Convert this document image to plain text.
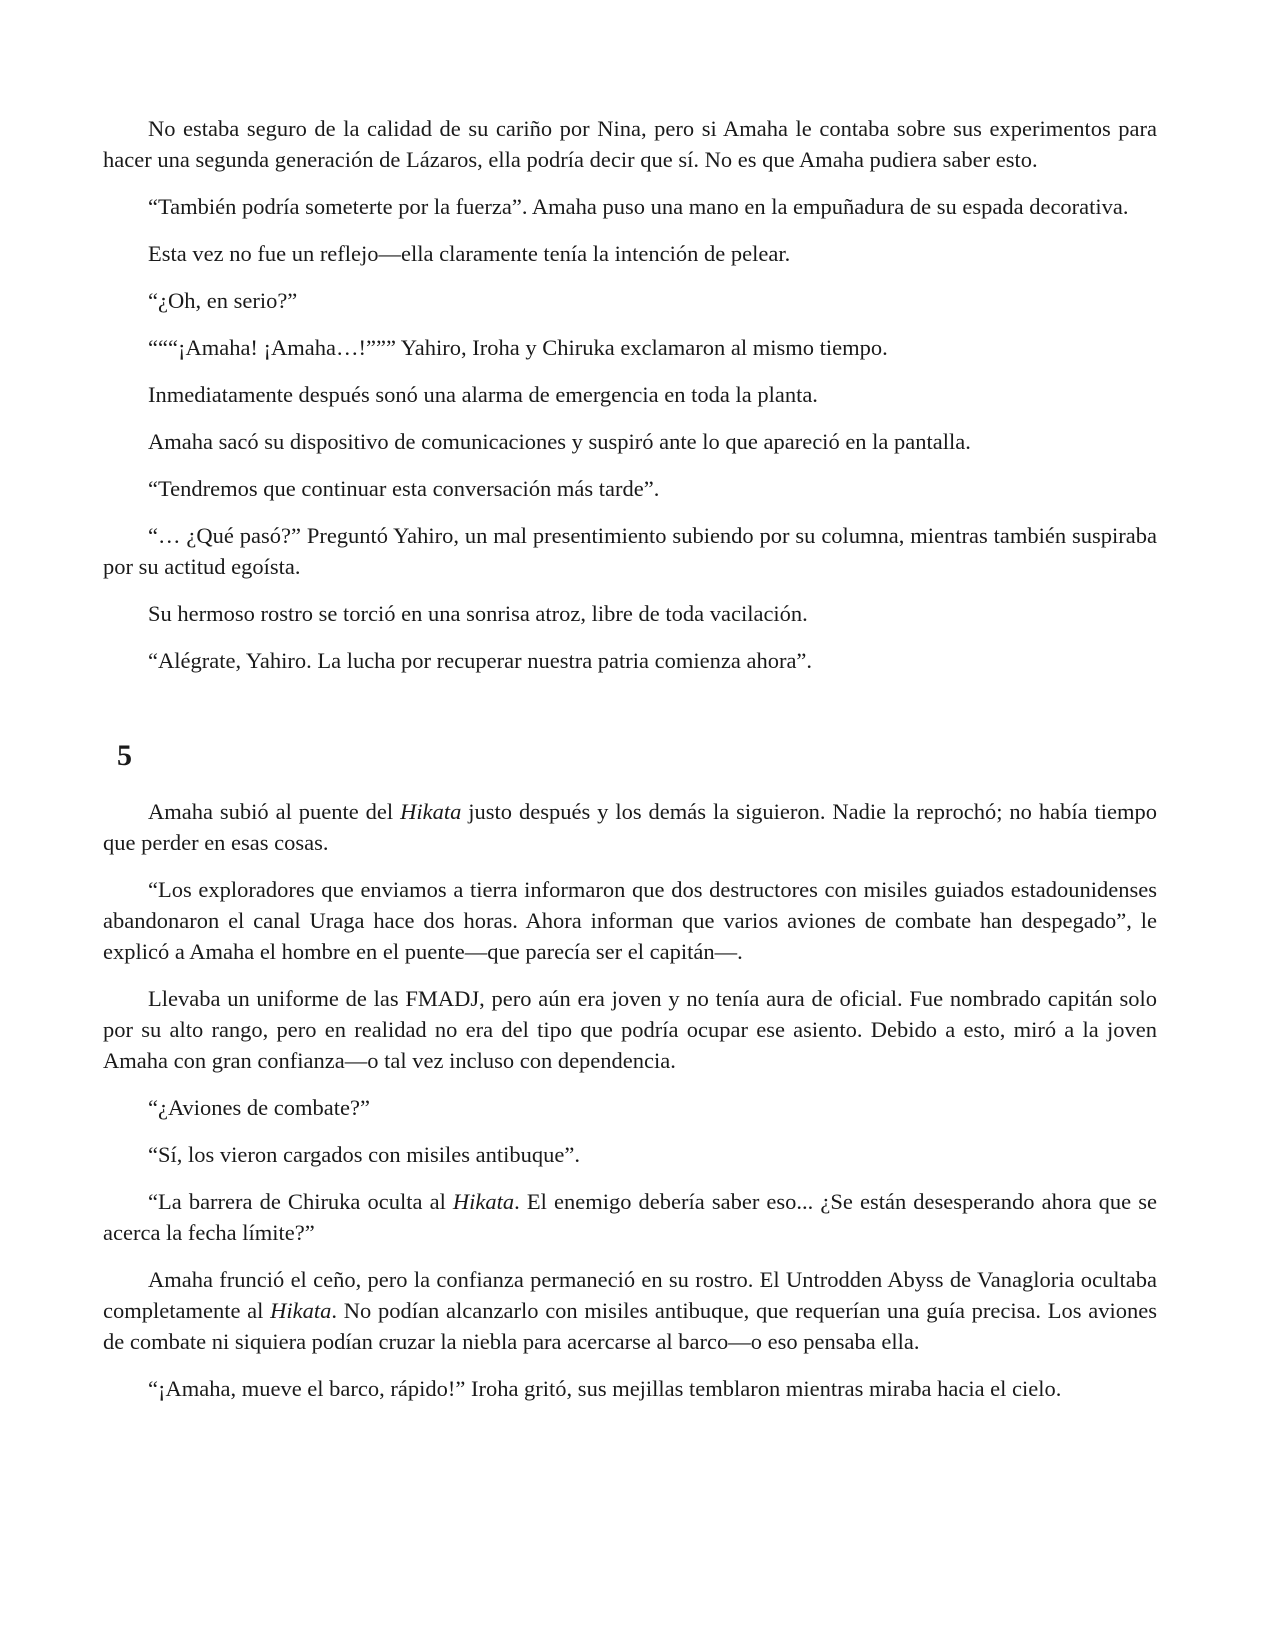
No estaba seguro de la calidad de su cariño por Nina, pero si Amaha le contaba sobre sus experimentos para hacer una segunda generación de Lázaros, ella podría decir que sí. No es que Amaha pudiera saber esto.

“También podría someterte por la fuerza”. Amaha puso una mano en la empuñadura de su espada decorativa.

Esta vez no fue un reflejo—ella claramente tenía la intención de pelear.

“¿Oh, en serio?”

“““¡Amaha! ¡Amaha…!””” Yahiro, Iroha y Chiruka exclamaron al mismo tiempo.

Inmediatamente después sonó una alarma de emergencia en toda la planta.

Amaha sacó su dispositivo de comunicaciones y suspiró ante lo que apareció en la pantalla.

“Tendremos que continuar esta conversación más tarde”.

“… ¿Qué pasó?” Preguntó Yahiro, un mal presentimiento subiendo por su columna, mientras también suspiraba por su actitud egoísta.

Su hermoso rostro se torció en una sonrisa atroz, libre de toda vacilación.

“Alégrate, Yahiro. La lucha por recuperar nuestra patria comienza ahora”.

5

Amaha subió al puente del Hikata justo después y los demás la siguieron. Nadie la reprochó; no había tiempo que perder en esas cosas.

“Los exploradores que enviamos a tierra informaron que dos destructores con misiles guiados estadounidenses abandonaron el canal Uraga hace dos horas. Ahora informan que varios aviones de combate han despegado”, le explicó a Amaha el hombre en el puente—que parecía ser el capitán—.

Llevaba un uniforme de las FMADJ, pero aún era joven y no tenía aura de oficial. Fue nombrado capitán solo por su alto rango, pero en realidad no era del tipo que podría ocupar ese asiento. Debido a esto, miró a la joven Amaha con gran confianza—o tal vez incluso con dependencia.

“¿Aviones de combate?”

“Sí, los vieron cargados con misiles antibuque”.

“La barrera de Chiruka oculta al Hikata. El enemigo debería saber eso... ¿Se están desesperando ahora que se acerca la fecha límite?”

Amaha frunció el ceño, pero la confianza permaneció en su rostro. El Untrodden Abyss de Vanagloria ocultaba completamente al Hikata. No podían alcanzarlo con misiles antibuque, que requerían una guía precisa. Los aviones de combate ni siquiera podían cruzar la niebla para acercarse al barco—o eso pensaba ella.

“¡Amaha, mueve el barco, rápido!” Iroha gritó, sus mejillas temblaron mientras miraba hacia el cielo.
